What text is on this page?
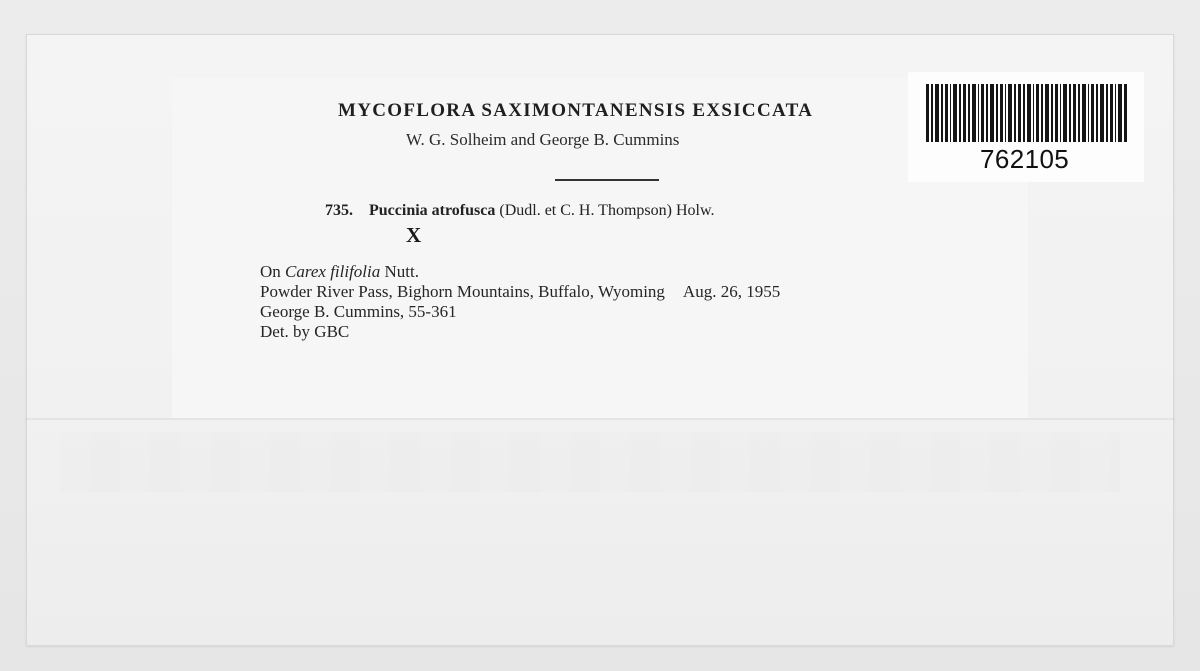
MYCOFLORA SAXIMONTANENSIS EXSICCATA
W. G. Solheim and George B. Cummins
735. Puccinia atrofusca (Dudl. et C. H. Thompson) Holw.
X
On Carex filifolia Nutt.
Powder River Pass, Bighorn Mountains, Buffalo, Wyoming Aug. 26, 1955
George B. Cummins, 55-361
Det. by GBC
762105
